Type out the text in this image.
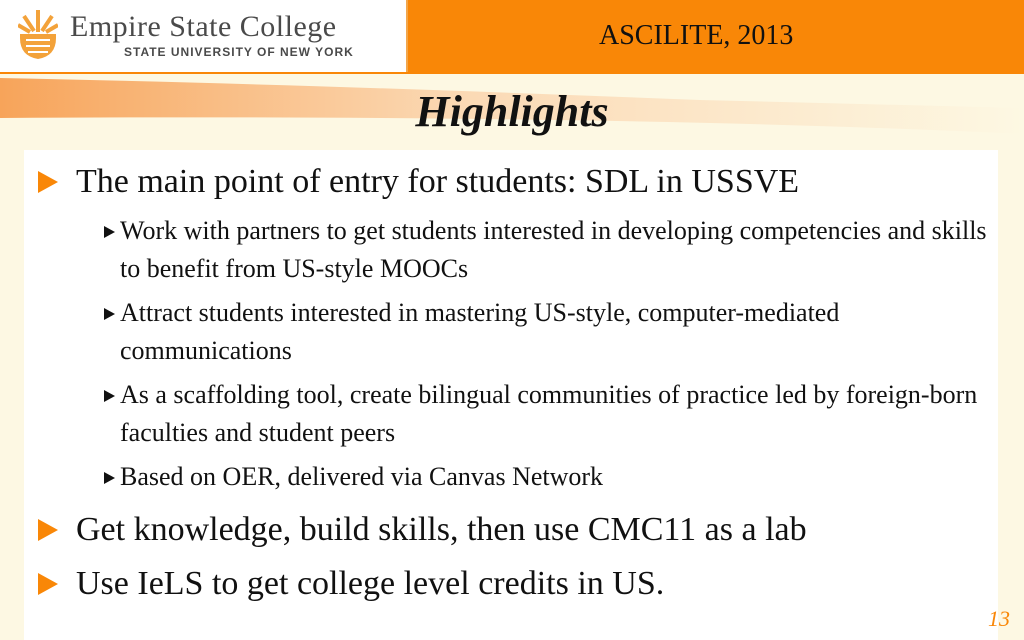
Empire State College
STATE UNIVERSITY OF NEW YORK
ASCILITE, 2013
Highlights
The main point of entry for students: SDL in USSVE
Work with partners to get students interested in developing competencies and skills to benefit from US-style MOOCs
Attract students interested in mastering US-style, computer-mediated communications
As a scaffolding tool, create bilingual communities of practice led by foreign-born faculties and student peers
Based on OER, delivered via Canvas Network
Get knowledge, build skills, then use CMC11 as a lab
Use IeLS to get college level credits in US.
13
